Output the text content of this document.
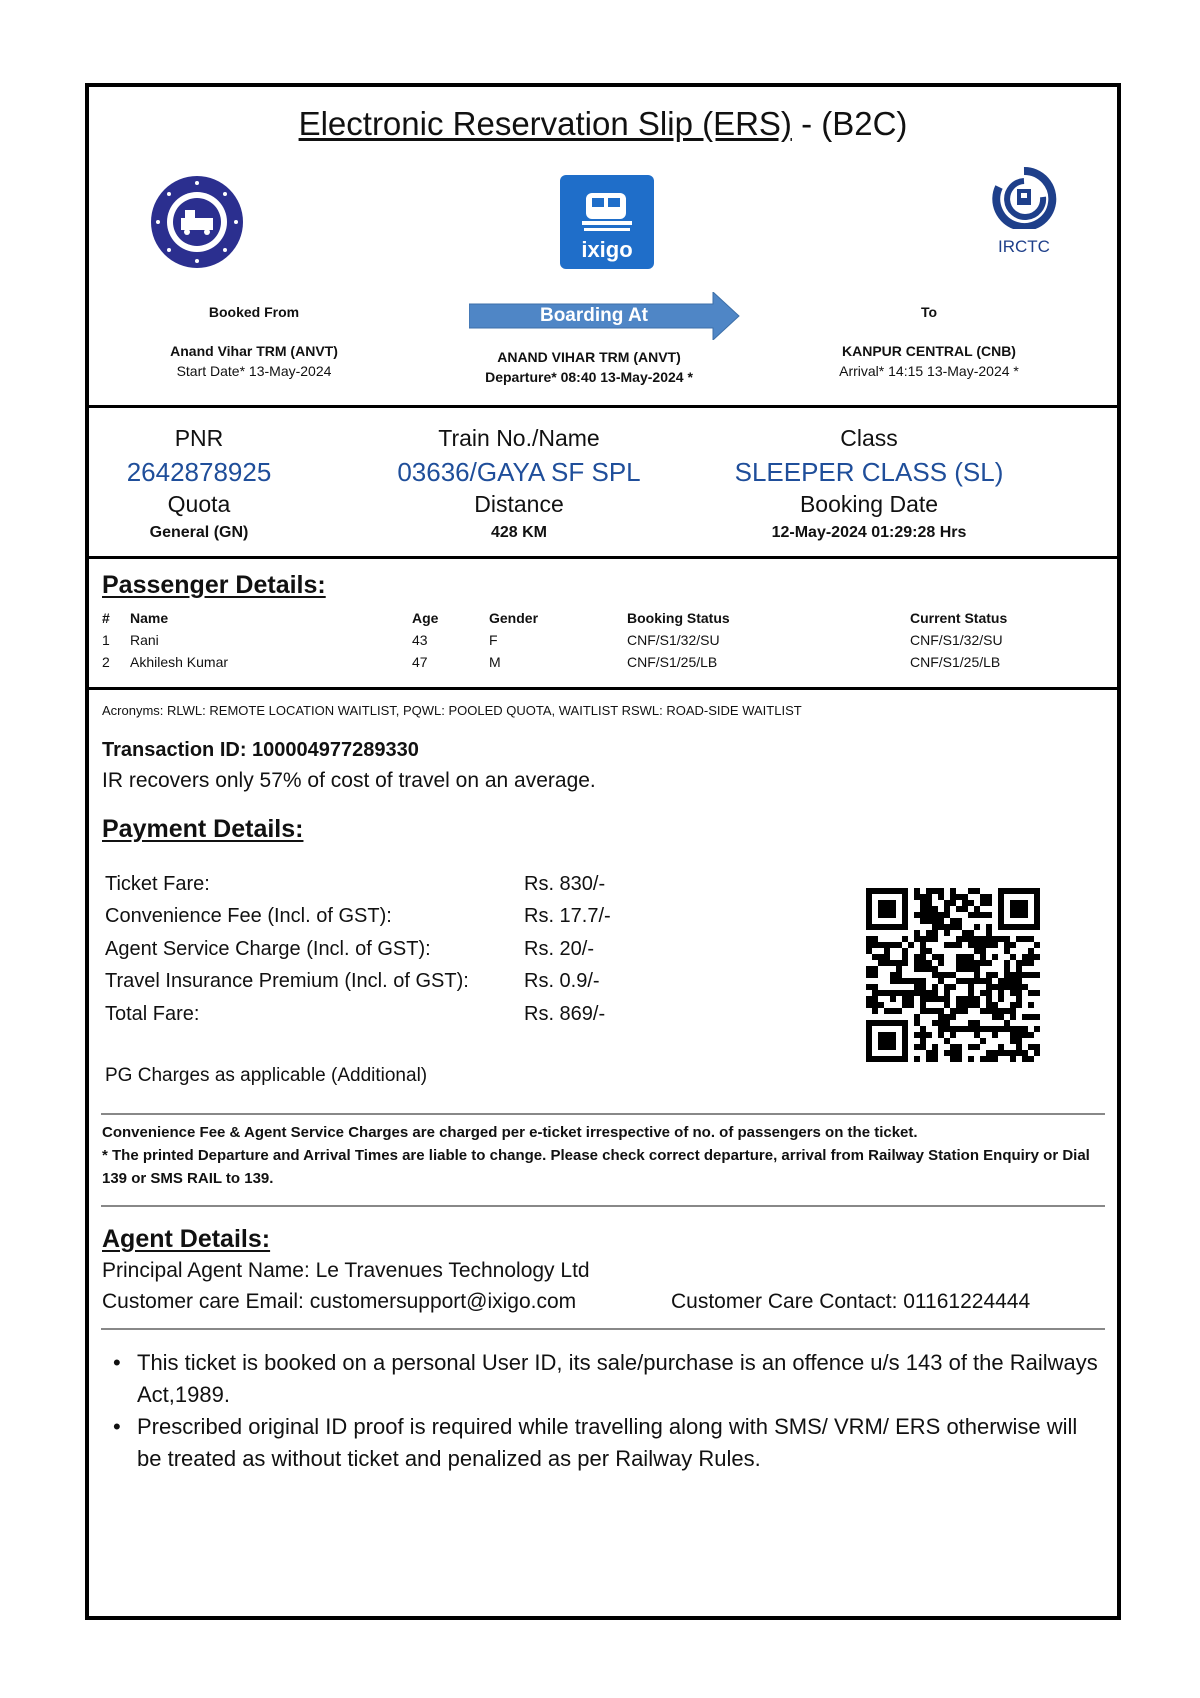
Electronic Reservation Slip (ERS) - (B2C)
ixigo	IRCTC
Booked From
Anand Vihar TRM (ANVT)
Start Date* 13-May-2024
Boarding At
ANAND VIHAR TRM (ANVT)
Departure* 08:40 13-May-2024 *
To
KANPUR CENTRAL (CNB)
Arrival* 14:15 13-May-2024 *
PNR
2642878925
Quota
General (GN)
Train No./Name
03636/GAYA SF SPL
Distance
428 KM
Class
SLEEPER CLASS (SL)
Booking Date
12-May-2024 01:29:28 Hrs
Passenger Details:
# Name	Age	Gender	Booking Status	Current Status
1 Rani	43	F	CNF/S1/32/SU	CNF/S1/32/SU
2 Akhilesh Kumar	47	M	CNF/S1/25/LB	CNF/S1/25/LB
Acronyms: RLWL: REMOTE LOCATION WAITLIST, PQWL: POOLED QUOTA, WAITLIST RSWL: ROAD-SIDE WAITLIST
Transaction ID: 100004977289330
IR recovers only 57% of cost of travel on an average.
Payment Details:
Ticket Fare:	Rs. 830/-
Convenience Fee (Incl. of GST):	Rs. 17.7/-
Agent Service Charge (Incl. of GST):	Rs. 20/-
Travel Insurance Premium (Incl. of GST):	Rs. 0.9/-
Total Fare:	Rs. 869/-
PG Charges as applicable (Additional)
Convenience Fee & Agent Service Charges are charged per e-ticket irrespective of no. of passengers on the ticket.
* The printed Departure and Arrival Times are liable to change. Please check correct departure, arrival from Railway Station Enquiry or Dial 139 or SMS RAIL to 139.
Agent Details:
Principal Agent Name: Le Travenues Technology Ltd
Customer care Email: customersupport@ixigo.com	Customer Care Contact: 01161224444
• This ticket is booked on a personal User ID, its sale/purchase is an offence u/s 143 of the Railways Act,1989.
• Prescribed original ID proof is required while travelling along with SMS/ VRM/ ERS otherwise will be treated as without ticket and penalized as per Railway Rules.
